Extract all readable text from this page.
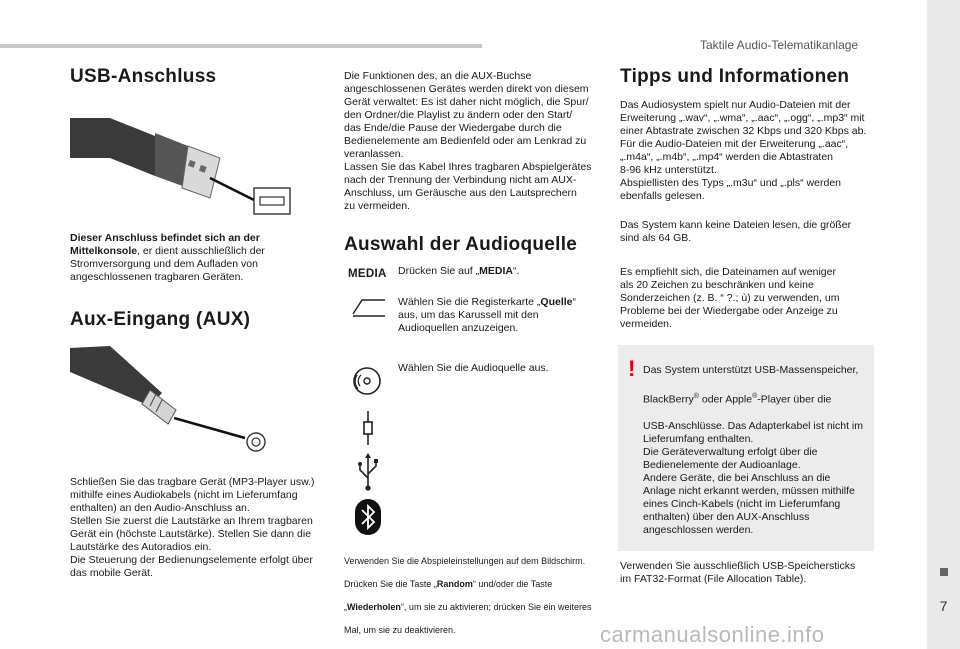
Taktile Audio-Telematikanlage
7
carmanualsonline.info
USB-Anschluss

Dieser Anschluss befindet sich an der Mittelkonsole, er dient ausschließlich der Stromversorgung und dem Aufladen von angeschlossenen tragbaren Geräten.

Aux-Eingang (AUX)

Schließen Sie das tragbare Gerät (MP3-Player usw.)
mithilfe eines Audiokabels (nicht im Lieferumfang
enthalten) an den Audio-Anschluss an.
Stellen Sie zuerst die Lautstärke an Ihrem tragbaren
Gerät ein (höchste Lautstärke). Stellen Sie dann die
Lautstärke des Autoradios ein.
Die Steuerung der Bedienungselemente erfolgt über
das mobile Gerät.

Die Funktionen des, an die AUX-Buchse
angeschlossenen Gerätes werden direkt von diesem
Gerät verwaltet: Es ist daher nicht möglich, die Spur/
den Ordner/die Playlist zu ändern oder den Start/
das Ende/die Pause der Wiedergabe durch die
Bedienelemente am Bedienfeld oder am Lenkrad zu
veranlassen.
Lassen Sie das Kabel Ihres tragbaren Abspielgerätes
nach der Trennung der Verbindung nicht am AUX-
Anschluss, um Geräusche aus den Lautsprechern
zu vermeiden.

Auswahl der Audioquelle
MEDIA Drücken Sie auf „MEDIA“.

Wählen Sie die Registerkarte „Quelle“
aus, um das Karussell mit den
Audioquellen anzuzeigen.

Wählen Sie die Audioquelle aus.

Verwenden Sie die Abspieleinstellungen auf dem Bildschirm.

Drücken Sie die Taste „Random“ und/oder die Taste

„Wiederholen“, um sie zu aktivieren; drücken Sie ein weiteres

Mal, um sie zu deaktivieren.

Tipps und Informationen

Das Audiosystem spielt nur Audio-Dateien mit der
Erweiterung „.wav“, „.wma“, „.aac“, „.ogg“, „.mp3“ mit
einer Abtastrate zwischen 32 Kbps und 320 Kbps ab.
Für die Audio-Dateien mit der Erweiterung „.aac“,
„.m4a“, „.m4b“, „.mp4“ werden die Abtastraten
8-96 kHz unterstützt.
Abspiellisten des Typs „.m3u“ und „.pls“ werden
ebenfalls gelesen.

Das System kann keine Dateien lesen, die größer
sind als 64 GB.

Es empfiehlt sich, die Dateinamen auf weniger
als 20 Zeichen zu beschränken und keine
Sonderzeichen (z. B. “ ?.; ù) zu verwenden, um
Probleme bei der Wiedergabe oder Anzeige zu
vermeiden.

! Das System unterstützt USB-Massenspeicher,

BlackBerry® oder Apple®-Player über die

USB-Anschlüsse. Das Adapterkabel ist nicht im
Lieferumfang enthalten.
Die Geräteverwaltung erfolgt über die
Bedienelemente der Audioanlage.
Andere Geräte, die bei Anschluss an die
Anlage nicht erkannt werden, müssen mithilfe
eines Cinch-Kabels (nicht im Lieferumfang
enthalten) über den AUX-Anschluss
angeschlossen werden.

Verwenden Sie ausschließlich USB-Speichersticks
im FAT32-Format (File Allocation Table).
